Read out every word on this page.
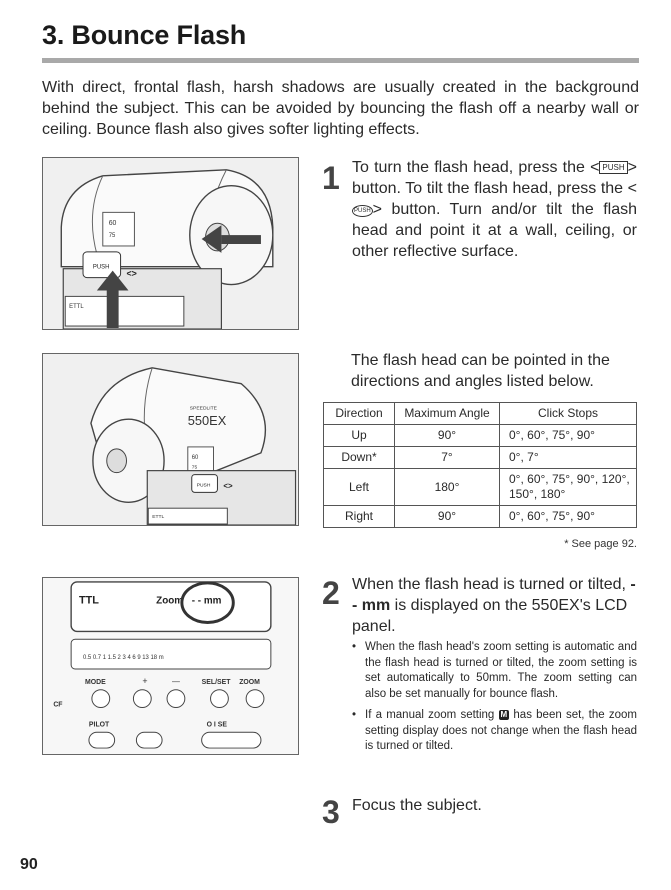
3. Bounce Flash

With direct, frontal flash, harsh shadows are usually created in the background behind the subject. This can be avoided by bouncing the flash off a nearby wall or ceiling. Bounce flash also gives softer lighting effects.

60
75
PUSH
<>
ETTL
1 To turn the flash head, press the < PUSH > button. To tilt the flash head, press the <PUSH > button. Turn and/or tilt the flash head and point it at a wall, ceiling, or other reflective surface.
SPEEDLITE
550EX
60
75
PUSH <>
ETTL
The flash head can be pointed in the directions and angles listed below.
Direction	Maximum Angle	Click Stops
Up	90°	0°, 60°, 75°, 90°
Down*	7°	0°, 7°
Left	180°	0°, 60°, 75°, 90°, 120°, 150°, 180°
Right	90°	0°, 60°, 75°, 90°
* See page 92.
TTL	Zoom - - mm
0.5 0.7 1 1.5 2 3 4 6 9 13 18 m
MODE	+	—	SEL/SET ZOOM
CF
PILOT	O I SE
2 When the flash head is turned or tilted, - - mm is displayed on the 550EX's LCD panel.
• When the flash head's zoom setting is automatic and the flash head is turned or tilted, the zoom setting is set automatically to 50mm. The zoom setting can also be set manually for bounce flash.
• If a manual zoom setting M has been set, the zoom setting display does not change when the flash head is turned or tilted.
3 Focus the subject.
90
